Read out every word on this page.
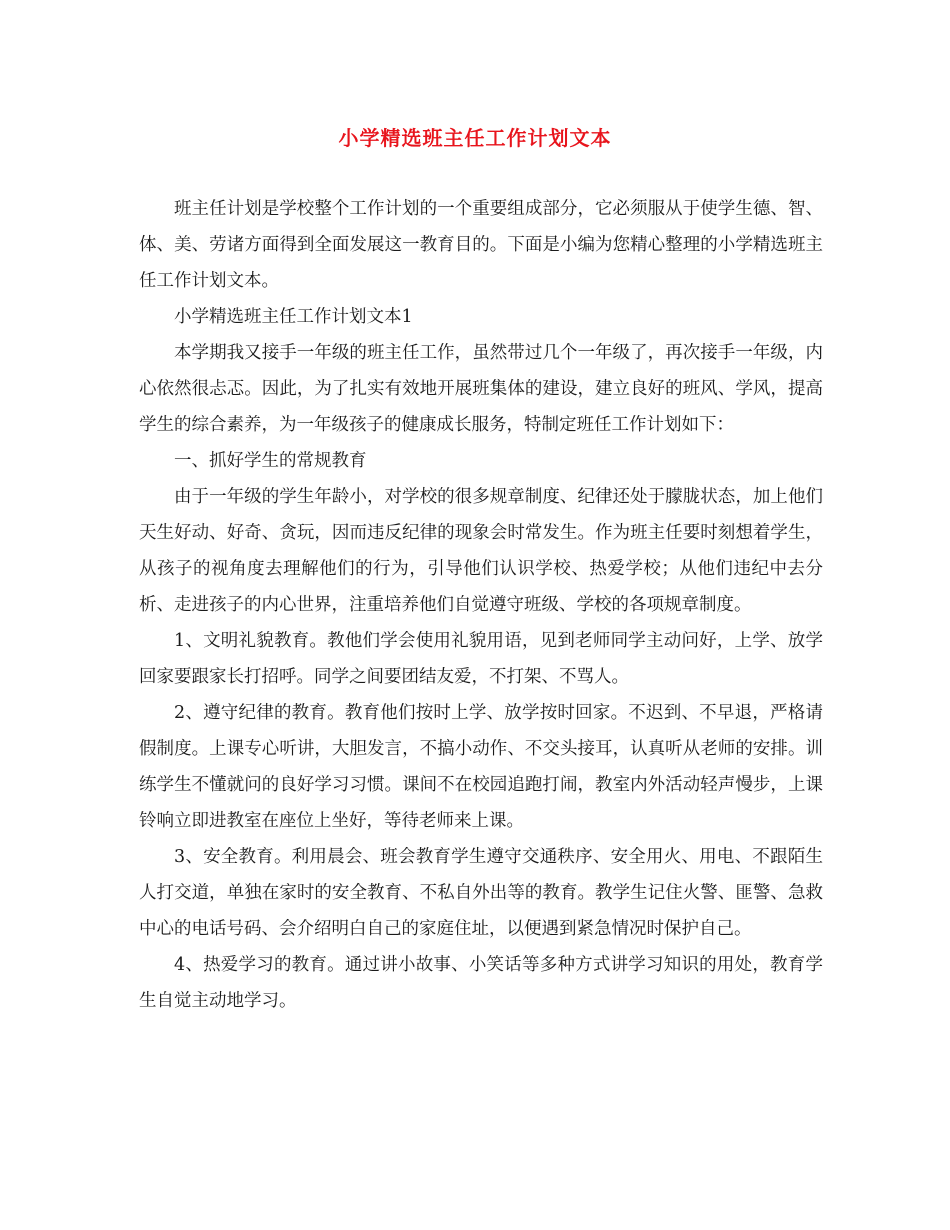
小学精选班主任工作计划文本

班主任计划是学校整个工作计划的一个重要组成部分，它必须服从于使学生德、智、体、美、劳诸方面得到全面发展这一教育目的。下面是小编为您精心整理的小学精选班主任工作计划文本。

小学精选班主任工作计划文本1

本学期我又接手一年级的班主任工作，虽然带过几个一年级了，再次接手一年级，内心依然很忐忑。因此，为了扎实有效地开展班集体的建设，建立良好的班风、学风，提高学生的综合素养，为一年级孩子的健康成长服务，特制定班任工作计划如下：

一、抓好学生的常规教育

由于一年级的学生年龄小，对学校的很多规章制度、纪律还处于朦胧状态，加上他们天生好动、好奇、贪玩，因而违反纪律的现象会时常发生。作为班主任要时刻想着学生，从孩子的视角度去理解他们的行为，引导他们认识学校、热爱学校；从他们违纪中去分析、走进孩子的内心世界，注重培养他们自觉遵守班级、学校的各项规章制度。

1、文明礼貌教育。教他们学会使用礼貌用语，见到老师同学主动问好，上学、放学回家要跟家长打招呼。同学之间要团结友爱，不打架、不骂人。

2、遵守纪律的教育。教育他们按时上学、放学按时回家。不迟到、不早退，严格请假制度。上课专心听讲，大胆发言，不搞小动作、不交头接耳，认真听从老师的安排。训练学生不懂就问的良好学习习惯。课间不在校园追跑打闹，教室内外活动轻声慢步，上课铃响立即进教室在座位上坐好，等待老师来上课。

3、安全教育。利用晨会、班会教育学生遵守交通秩序、安全用火、用电、不跟陌生人打交道，单独在家时的安全教育、不私自外出等的教育。教学生记住火警、匪警、急救中心的电话号码、会介绍明白自己的家庭住址，以便遇到紧急情况时保护自己。

4、热爱学习的教育。通过讲小故事、小笑话等多种方式讲学习知识的用处，教育学生自觉主动地学习。
